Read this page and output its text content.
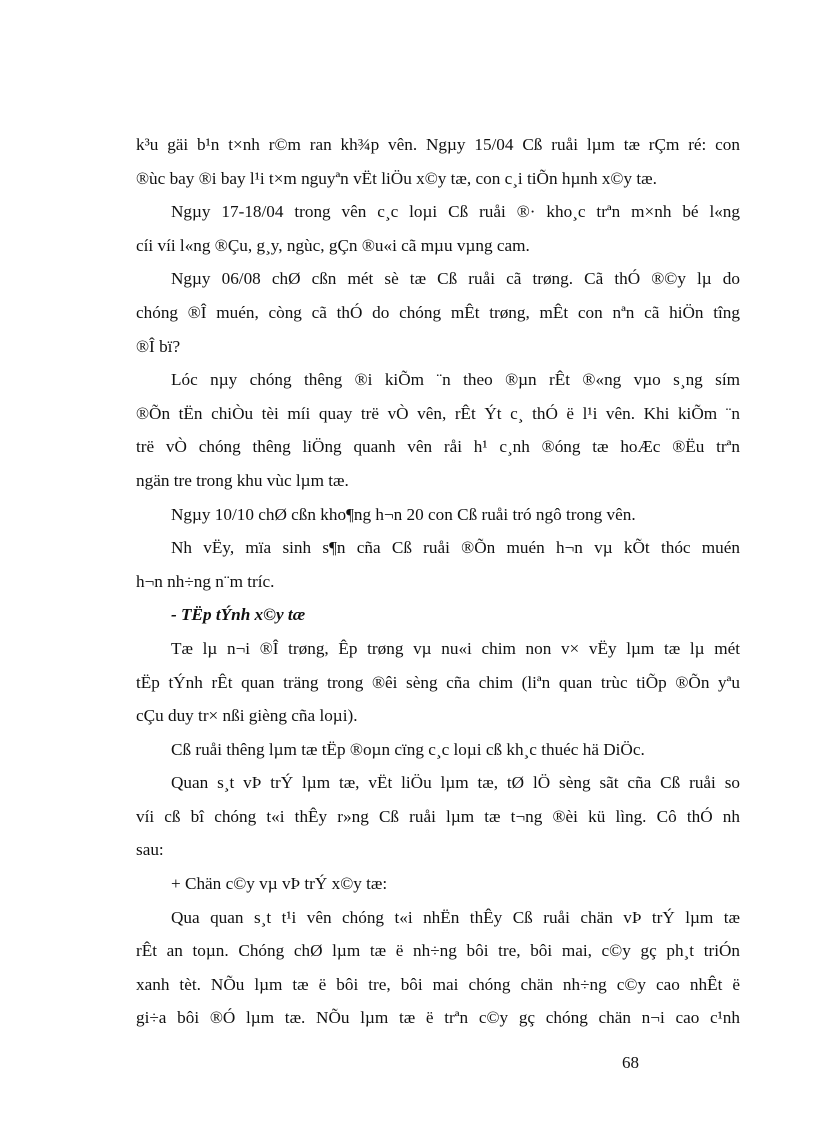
k³u gäi b¹n t×nh r©m ran kh¾p vên. Ngµy 15/04 Cß ruåi lµm tæ rÇm ré: con
®ùc bay ®i bay l¹i t×m nguyªn vËt liÖu x©y tæ, con c¸i tiÕn hµnh x©y tæ.
Ngµy 17-18/04 trong vên c¸c loµi Cß ruåi ®· kho¸c trªn m×nh bé l«ng
cíi víi l«ng ®Çu, g¸y, ngùc, gÇn ®u«i cã mµu vµng cam.
Ngµy 06/08 chØ cßn mét sè tæ Cß ruåi cã trøng. Cã thÓ ®©y lµ do
chóng ®Î muén, còng cã thÓ do chóng mÊt trøng, mÊt con nªn cã hiÖn tîng
®Î bï?
Lóc nµy chóng thêng ®i kiÕm ¨n theo ®µn rÊt ®«ng vµo s¸ng sím
®Õn tËn chiÒu tèi míi quay trë vÒ vên, rÊt Ýt c¸ thÓ ë l¹i vên. Khi kiÕm ¨n
trë vÒ chóng thêng liÖng quanh vên råi h¹ c¸nh ®óng tæ hoÆc ®Ëu trªn
ngän tre trong khu vùc lµm tæ.
Ngµy 10/10 chØ cßn kho¶ng h¬n 20 con Cß ruåi tró ngô trong vên.
Nh vËy, mïa sinh s¶n cña Cß ruåi ®Õn muén h¬n vµ kÕt thóc muén
h¬n nh÷ng n¨m tríc.
- TËp tÝnh x©y tæ
Tæ lµ n¬i ®Î trøng, Êp trøng vµ nu«i chim non v× vËy lµm tæ lµ mét
tËp tÝnh rÊt quan träng trong ®êi sèng cña chim (liªn quan trùc tiÕp ®Õn yªu
cÇu duy tr× nßi gièng cña loµi).
Cß ruåi thêng lµm tæ tËp ®oµn cïng c¸c loµi cß kh¸c thuéc hä DiÖc.
Quan s¸t vÞ trÝ lµm tæ, vËt liÖu lµm tæ, tØ lÖ sèng sãt cña Cß ruåi so
víi cß bî chóng t«i thÊy r»ng Cß ruåi lµm tæ t¬ng ®èi kü lìng. Cô thÓ nh
sau:
+ Chän c©y vµ vÞ trÝ x©y tæ:
Qua quan s¸t t¹i vên chóng t«i nhËn thÊy Cß ruåi chän vÞ trÝ lµm tæ
rÊt an toµn. Chóng chØ lµm tæ ë nh÷ng bôi tre, bôi mai, c©y gç ph¸t triÓn
xanh tèt. NÕu lµm tæ ë bôi tre, bôi mai chóng chän nh÷ng c©y cao nhÊt ë
gi÷a bôi ®Ó lµm tæ. NÕu lµm tæ ë trªn c©y gç chóng chän n¬i cao c¹nh
68
